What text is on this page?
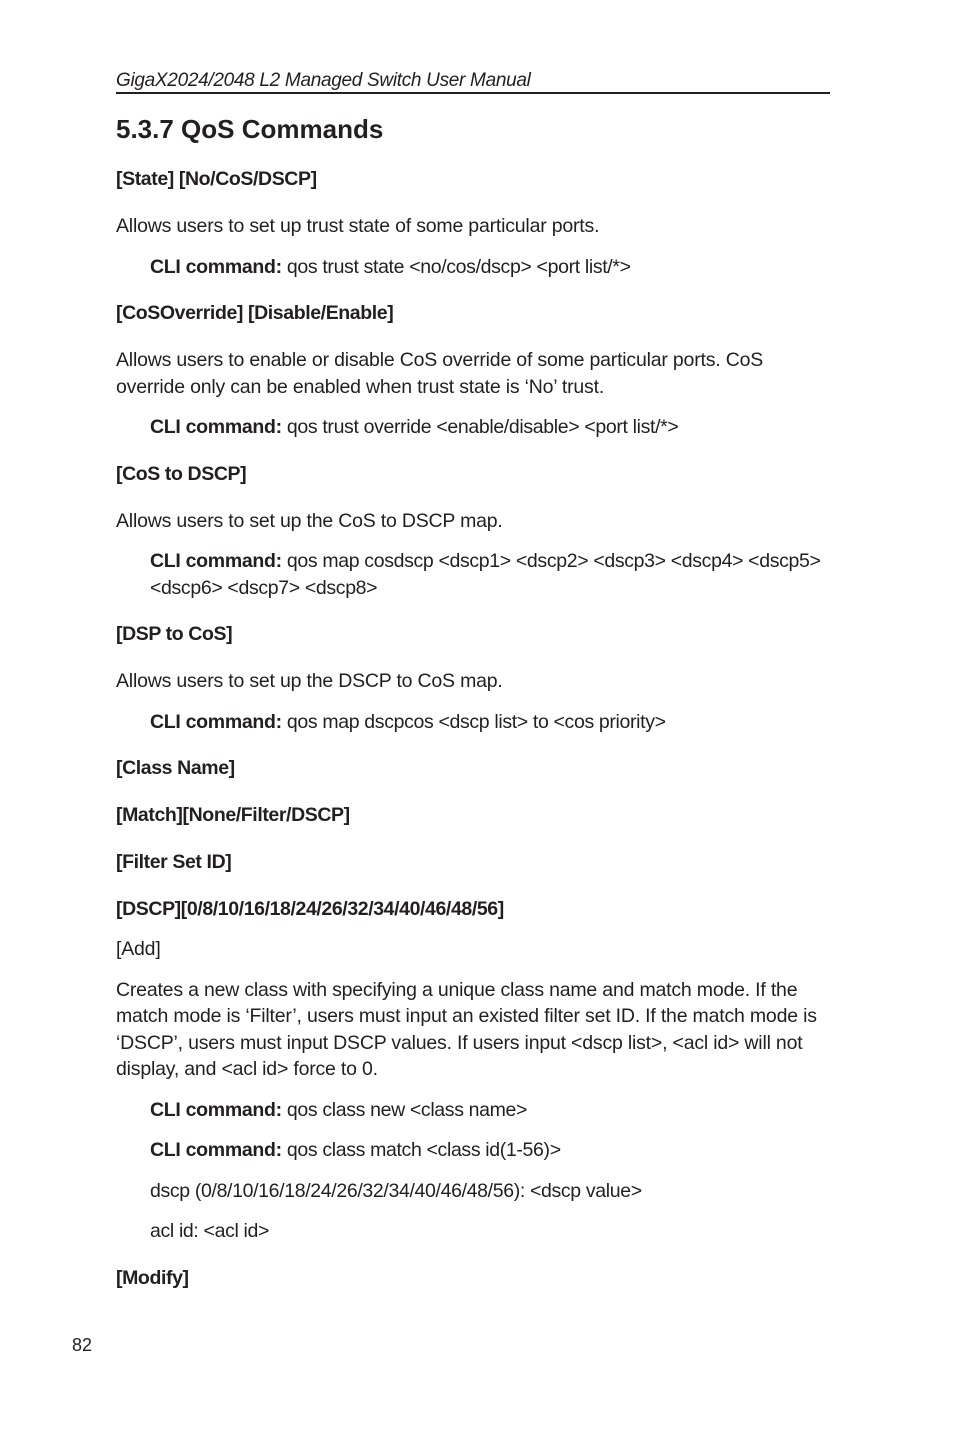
GigaX2024/2048 L2 Managed Switch User Manual
5.3.7 QoS Commands
[State] [No/CoS/DSCP]

Allows users to set up trust state of some particular ports.

CLI command: qos trust state <no/cos/dscp> <port list/*>

[CoSOverride] [Disable/Enable]

Allows users to enable or disable CoS override of some particular ports. CoS override only can be enabled when trust state is ‘No’ trust.

CLI command: qos trust override <enable/disable> <port list/*>

[CoS to DSCP]

Allows users to set up the CoS to DSCP map.

CLI command: qos map cosdscp <dscp1> <dscp2> <dscp3> <dscp4> <dscp5> <dscp6> <dscp7> <dscp8>

[DSP to CoS]

Allows users to set up the DSCP to CoS map.

CLI command: qos map dscpcos <dscp list> to <cos priority>

[Class Name]
[Match][None/Filter/DSCP]
[Filter Set ID]
[DSCP][0/8/10/16/18/24/26/32/34/40/46/48/56]

[Add]

Creates a new class with specifying a unique class name and match mode. If the match mode is ‘Filter’, users must input an existed filter set ID. If the match mode is ‘DSCP’, users must input DSCP values. If users input <dscp list>, <acl id> will not display, and <acl id> force to 0.

CLI command: qos class new <class name>

CLI command: qos class match <class id(1-56)>

dscp (0/8/10/16/18/24/26/32/34/40/46/48/56): <dscp value>

acl id: <acl id>

[Modify]
82
